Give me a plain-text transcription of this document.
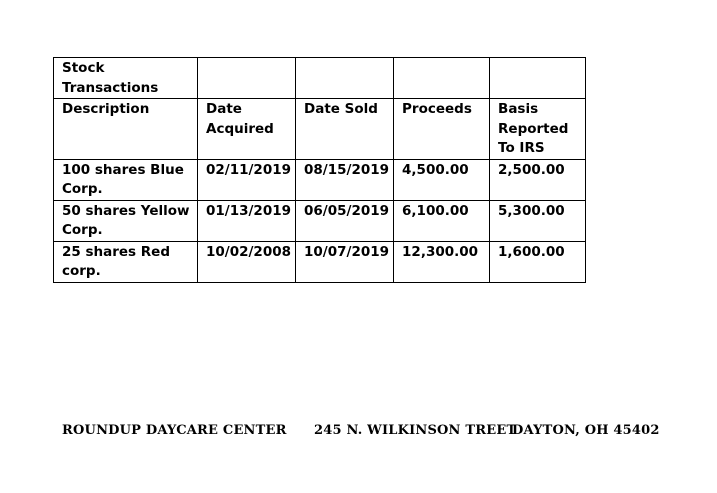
Stock Transactions				
Description	Date Acquired	Date Sold	Proceeds	Basis Reported To IRS
100 shares Blue Corp.	02/11/2019	08/15/2019	4,500.00	2,500.00
50 shares Yellow Corp.	01/13/2019	06/05/2019	6,100.00	5,300.00
25 shares Red corp.	10/02/2008	10/07/2019	12,300.00	1,600.00
ROUNDUP DAYCARE CENTER 245 N. WILKINSON TREET
DAYTON, OH 45402
